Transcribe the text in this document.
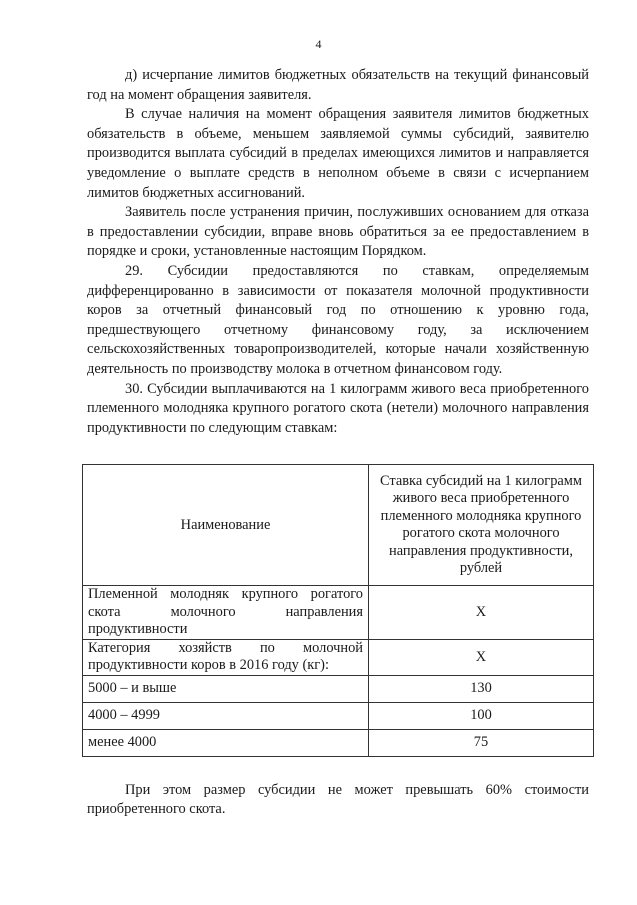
4

д) исчерпание лимитов бюджетных обязательств на текущий финансовый год на момент обращения заявителя.

В случае наличия на момент обращения заявителя лимитов бюджетных обязательств в объеме, меньшем заявляемой суммы субсидий, заявителю производится выплата субсидий в пределах имеющихся лимитов и направляется уведомление о выплате средств в неполном объеме в связи с исчерпанием лимитов бюджетных ассигнований.

Заявитель после устранения причин, послуживших основанием для отказа в предоставлении субсидии, вправе вновь обратиться за ее предоставлением в порядке и сроки, установленные настоящим Порядком.

29. Субсидии предоставляются по ставкам, определяемым дифференцированно в зависимости от показателя молочной продуктивности коров за отчетный финансовый год по отношению к уровню года, предшествующего отчетному финансовому году, за исключением сельскохозяйственных товаропроизводителей, которые начали хозяйственную деятельность по производству молока в отчетном финансовом году.

30. Субсидии выплачиваются на 1 килограмм живого веса приобретенного племенного молодняка крупного рогатого скота (нетели) молочного направления продуктивности по следующим ставкам:

Наименование	Ставка субсидий на 1 килограмм живого веса приобретенного племенного молодняка крупного рогатого скота молочного направления продуктивности, рублей
Племенной молодняк крупного рогатого скота молочного направления продуктивности	Х
Категория хозяйств по молочной продуктивности коров в 2016 году (кг):	Х
5000 – и выше	130
4000 – 4999	100
менее 4000	75

При этом размер субсидии не может превышать 60% стоимости приобретенного скота.
